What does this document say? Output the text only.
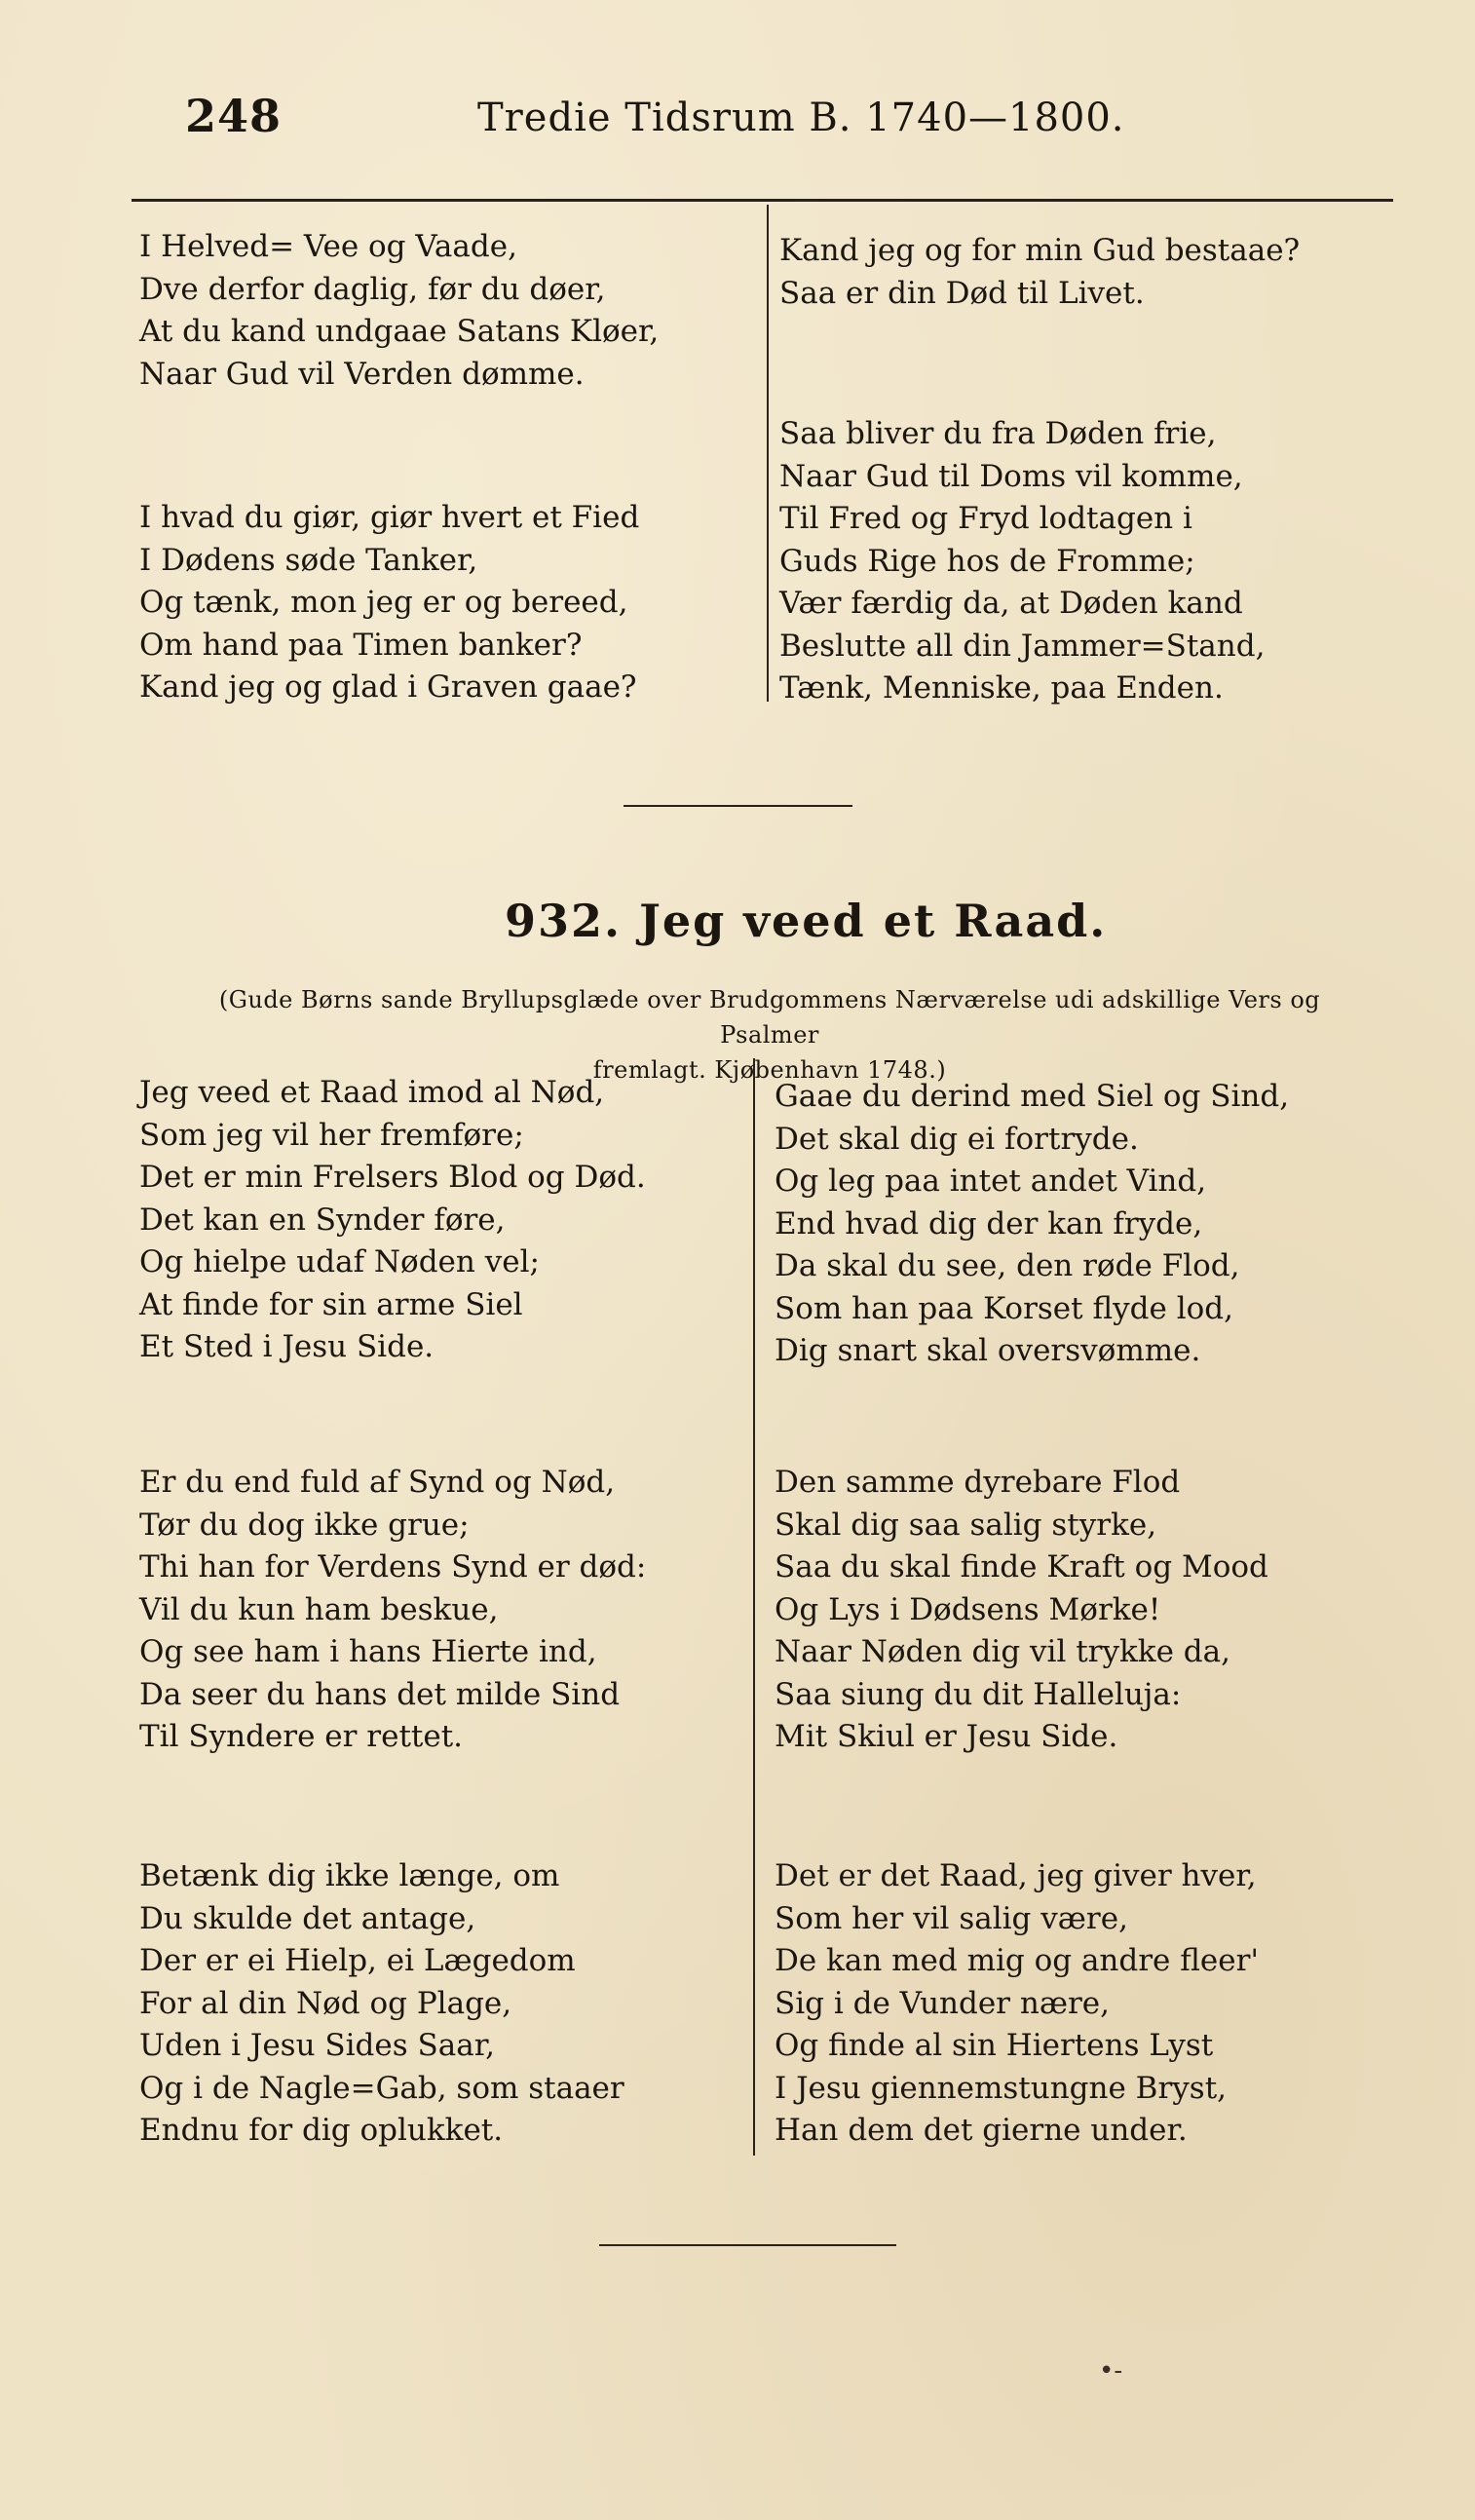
248	Tredie Tidsrum B. 1740—1800.
I Helved= Vee og Vaade,
Dve derfor daglig, før du døer,
At du kand undgaae Satans Kløer,
Naar Gud vil Verden dømme.
I hvad du giør, giør hvert et Fied
I Dødens søde Tanker,
Og tænk, mon jeg er og bereed,
Om hand paa Timen banker?
Kand jeg og glad i Graven gaae?
Kand jeg og for min Gud bestaae?
Saa er din Død til Livet.
Saa bliver du fra Døden frie,
Naar Gud til Doms vil komme,
Til Fred og Fryd lodtagen i
Guds Rige hos de Fromme;
Vær færdig da, at Døden kand
Beslutte all din Jammer=Stand,
Tænk, Menniske, paa Enden.
932. Jeg veed et Raad.
(Gude Børns sande Bryllupsglæde over Brudgommens Nærværelse udi adskillige Vers og Psalmer
fremlagt. Kjøbenhavn 1748.)
Jeg veed et Raad imod al Nød,
Som jeg vil her fremføre;
Det er min Frelsers Blod og Død.
Det kan en Synder føre,
Og hielpe udaf Nøden vel;
At finde for sin arme Siel
Et Sted i Jesu Side.
Er du end fuld af Synd og Nød,
Tør du dog ikke grue;
Thi han for Verdens Synd er død:
Vil du kun ham beskue,
Og see ham i hans Hierte ind,
Da seer du hans det milde Sind
Til Syndere er rettet.
Betænk dig ikke længe, om
Du skulde det antage,
Der er ei Hielp, ei Lægedom
For al din Nød og Plage,
Uden i Jesu Sides Saar,
Og i de Nagle=Gab, som staaer
Endnu for dig oplukket.
Gaae du derind med Siel og Sind,
Det skal dig ei fortryde.
Og leg paa intet andet Vind,
End hvad dig der kan fryde,
Da skal du see, den røde Flod,
Som han paa Korset flyde lod,
Dig snart skal oversvømme.
Den samme dyrebare Flod
Skal dig saa salig styrke,
Saa du skal finde Kraft og Mood
Og Lys i Dødsens Mørke!
Naar Nøden dig vil trykke da,
Saa siung du dit Halleluja:
Mit Skiul er Jesu Side.
Det er det Raad, jeg giver hver,
Som her vil salig være,
De kan med mig og andre fleer'
Sig i de Vunder nære,
Og finde al sin Hiertens Lyst
I Jesu giennemstungne Bryst,
Han dem det gierne under.
•-
